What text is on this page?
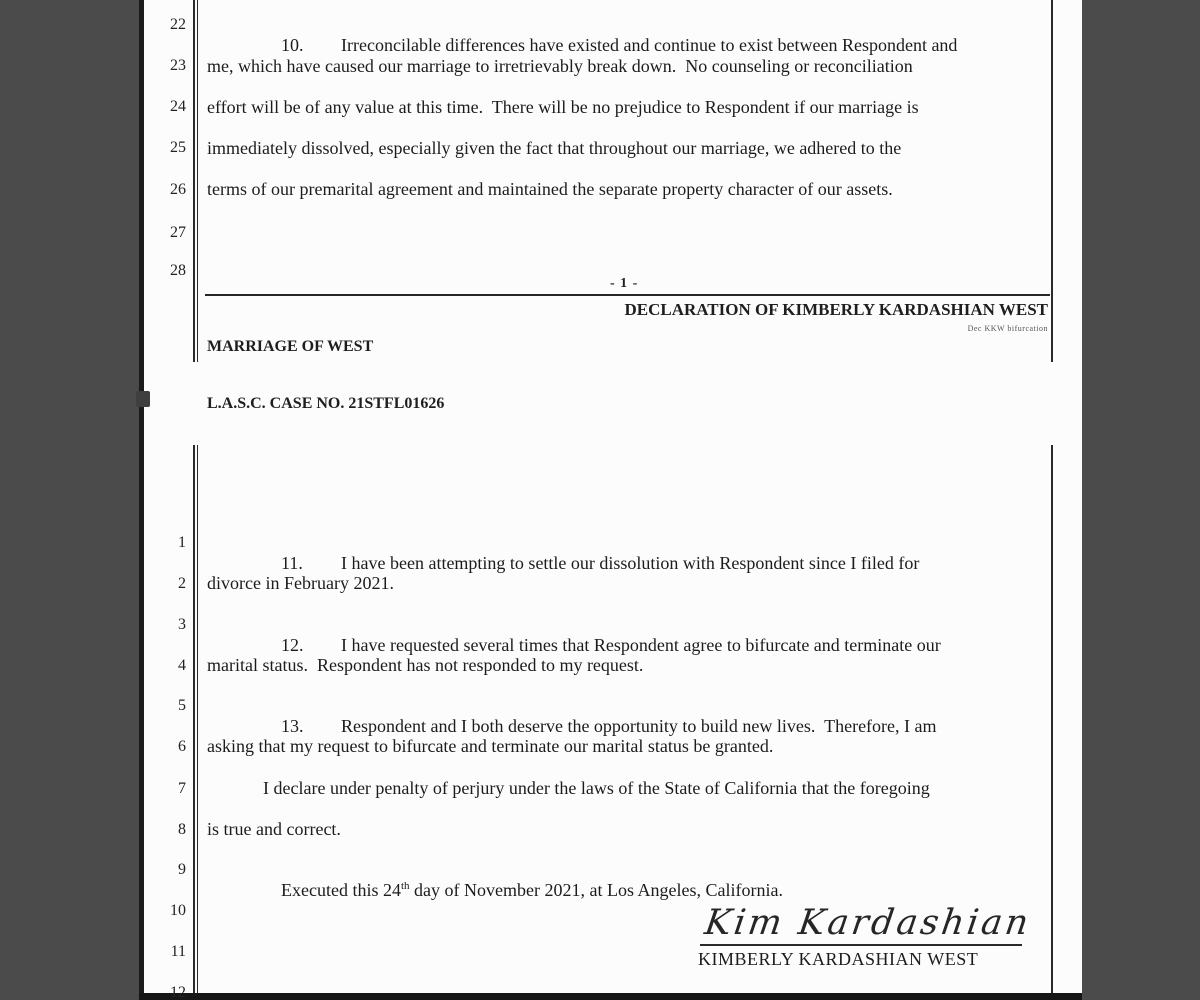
22
23
24
25
26
27
28

10. Irreconcilable differences have existed and continue to exist between Respondent and

me, which have caused our marriage to irretrievably break down.  No counseling or reconciliation
effort will be of any value at this time.  There will be no prejudice to Respondent if our marriage is
immediately dissolved, especially given the fact that throughout our marriage, we adhered to the
terms of our premarital agreement and maintained the separate property character of our assets.
- 1 -

MARRIAGE OF WEST

L.A.S.C. CASE NO. 21STFL01626

DECLARATION OF KIMBERLY KARDASHIAN WEST
Dec KKW bifurcation
1
2
3
4
5
6
7
8
9
10
11
12

11. I have been attempting to settle our dissolution with Respondent since I filed for

divorce in February 2021.

12. I have requested several times that Respondent agree to bifurcate and terminate our

marital status.  Respondent has not responded to my request.

13. Respondent and I both deserve the opportunity to build new lives.  Therefore, I am

asking that my request to bifurcate and terminate our marital status be granted.
I declare under penalty of perjury under the laws of the State of California that the foregoing
is true and correct.

Executed this 24th day of November 2021, at Los Angeles, California.

Kim Kardashian
KIMBERLY KARDASHIAN WEST
